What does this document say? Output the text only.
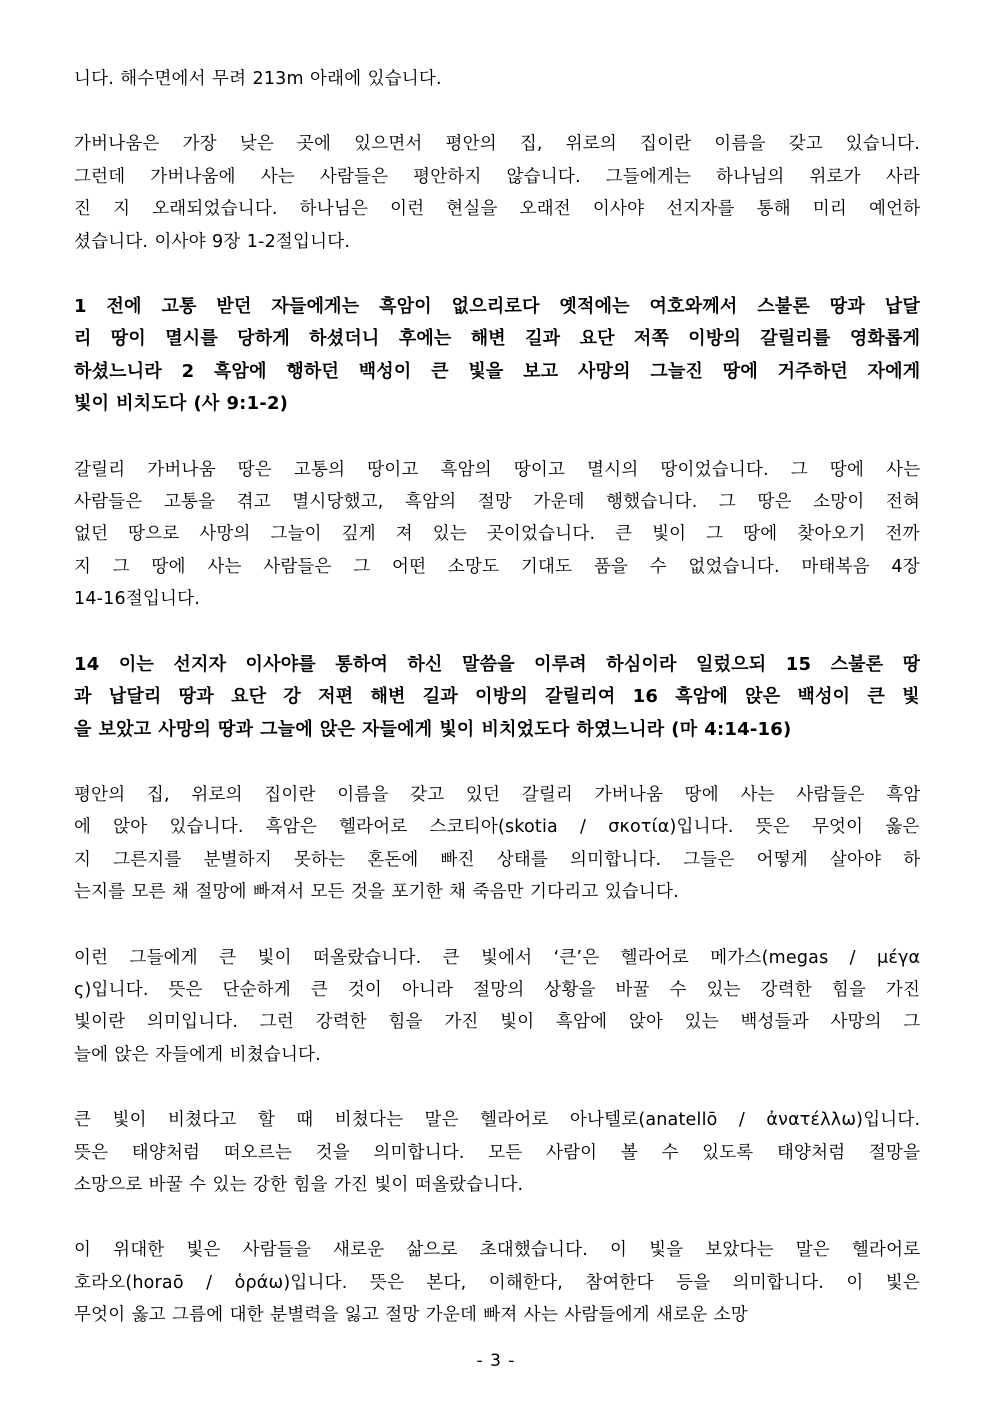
니다. 해수면에서 무려 213m 아래에 있습니다.

가버나움은 가장 낮은 곳에 있으면서 평안의 집, 위로의 집이란 이름을 갖고 있습니다.
그런데 가버나움에 사는 사람들은 평안하지 않습니다. 그들에게는 하나님의 위로가 사라
진 지 오래되었습니다. 하나님은 이런 현실을 오래전 이사야 선지자를 통해 미리 예언하
셨습니다. 이사야 9장 1-2절입니다.

1 전에 고통 받던 자들에게는 흑암이 없으리로다 옛적에는 여호와께서 스불론 땅과 납달
리 땅이 멸시를 당하게 하셨더니 후에는 해변 길과 요단 저쪽 이방의 갈릴리를 영화롭게
하셨느니라 2 흑암에 행하던 백성이 큰 빛을 보고 사망의 그늘진 땅에 거주하던 자에게
빛이 비치도다 (사 9:1-2)

갈릴리 가버나움 땅은 고통의 땅이고 흑암의 땅이고 멸시의 땅이었습니다. 그 땅에 사는
사람들은 고통을 겪고 멸시당했고, 흑암의 절망 가운데 행했습니다. 그 땅은 소망이 전혀
없던 땅으로 사망의 그늘이 깊게 져 있는 곳이었습니다. 큰 빛이 그 땅에 찾아오기 전까
지 그 땅에 사는 사람들은 그 어떤 소망도 기대도 품을 수 없었습니다. 마태복음 4장
14-16절입니다.

14 이는 선지자 이사야를 통하여 하신 말씀을 이루려 하심이라 일렀으되 15 스불론 땅
과 납달리 땅과 요단 강 저편 해변 길과 이방의 갈릴리여 16 흑암에 앉은 백성이 큰 빛
을 보았고 사망의 땅과 그늘에 앉은 자들에게 빛이 비치었도다 하였느니라 (마 4:14-16)

평안의 집, 위로의 집이란 이름을 갖고 있던 갈릴리 가버나움 땅에 사는 사람들은 흑암
에 앉아 있습니다. 흑암은 헬라어로 스코티아(skotia / σκοτία)입니다. 뜻은 무엇이 옳은
지 그른지를 분별하지 못하는 혼돈에 빠진 상태를 의미합니다. 그들은 어떻게 살아야 하
는지를 모른 채 절망에 빠져서 모든 것을 포기한 채 죽음만 기다리고 있습니다.

이런 그들에게 큰 빛이 떠올랐습니다. 큰 빛에서 ‘큰’은 헬라어로 메가스(megas / μέγα
ς)입니다. 뜻은 단순하게 큰 것이 아니라 절망의 상황을 바꿀 수 있는 강력한 힘을 가진
빛이란 의미입니다. 그런 강력한 힘을 가진 빛이 흑암에 앉아 있는 백성들과 사망의 그
늘에 앉은 자들에게 비쳤습니다.

큰 빛이 비쳤다고 할 때 비쳤다는 말은 헬라어로 아나텔로(anatellō / ἀνατέλλω)입니다.
뜻은 태양처럼 떠오르는 것을 의미합니다. 모든 사람이 볼 수 있도록 태양처럼 절망을
소망으로 바꿀 수 있는 강한 힘을 가진 빛이 떠올랐습니다.

이 위대한 빛은 사람들을 새로운 삶으로 초대했습니다. 이 빛을 보았다는 말은 헬라어로
호라오(horaō / ὁράω)입니다. 뜻은 본다, 이해한다, 참여한다 등을 의미합니다. 이 빛은
무엇이 옳고 그름에 대한 분별력을 잃고 절망 가운데 빠져 사는 사람들에게 새로운 소망

- 3 -
